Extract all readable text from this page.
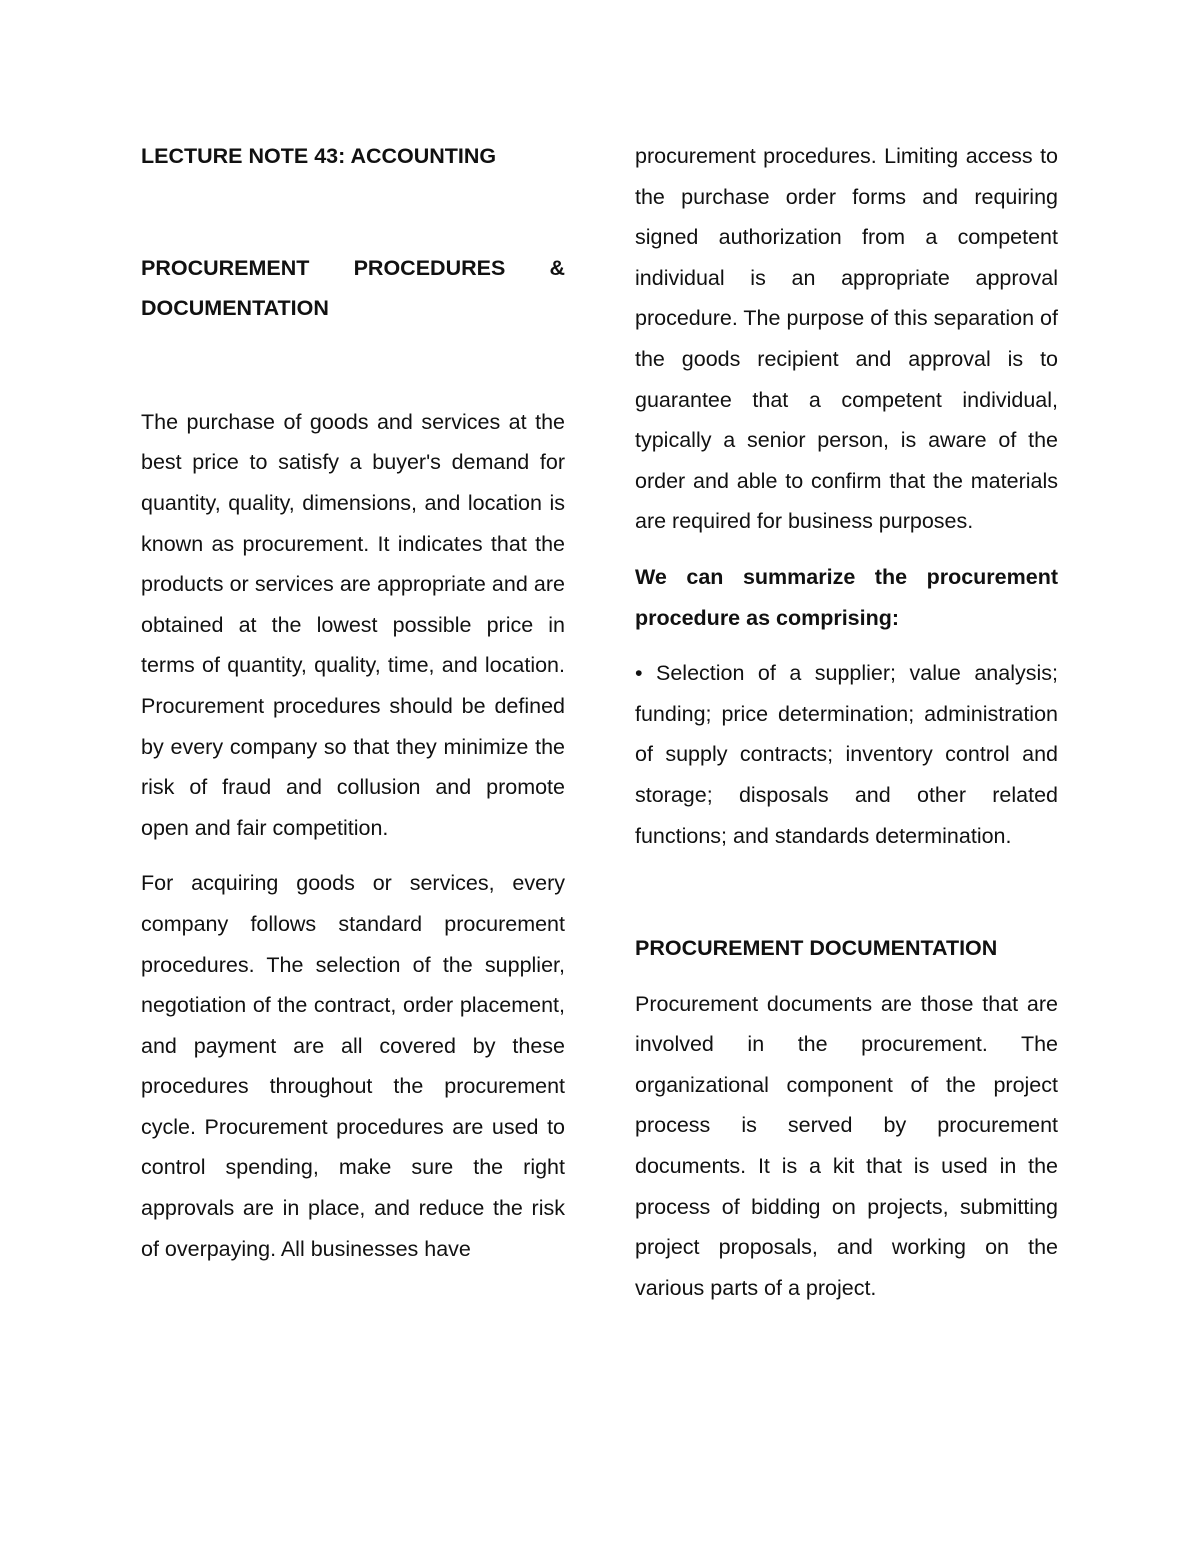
LECTURE NOTE 43: ACCOUNTING

PROCUREMENT PROCEDURES & DOCUMENTATION

The purchase of goods and services at the best price to satisfy a buyer's demand for quantity, quality, dimensions, and location is known as procurement. It indicates that the products or services are appropriate and are obtained at the lowest possible price in terms of quantity, quality, time, and location. Procurement procedures should be defined by every company so that they minimize the risk of fraud and collusion and promote open and fair competition.

For acquiring goods or services, every company follows standard procurement procedures. The selection of the supplier, negotiation of the contract, order placement, and payment are all covered by these procedures throughout the procurement cycle. Procurement procedures are used to control spending, make sure the right approvals are in place, and reduce the risk of overpaying. All businesses have

procurement procedures. Limiting access to the purchase order forms and requiring signed authorization from a competent individual is an appropriate approval procedure. The purpose of this separation of the goods recipient and approval is to guarantee that a competent individual, typically a senior person, is aware of the order and able to confirm that the materials are required for business purposes.

We can summarize the procurement procedure as comprising:

• Selection of a supplier; value analysis; funding; price determination; administration of supply contracts; inventory control and storage; disposals and other related functions; and standards determination.

PROCUREMENT DOCUMENTATION

Procurement documents are those that are involved in the procurement. The organizational component of the project process is served by procurement documents. It is a kit that is used in the process of bidding on projects, submitting project proposals, and working on the various parts of a project.
